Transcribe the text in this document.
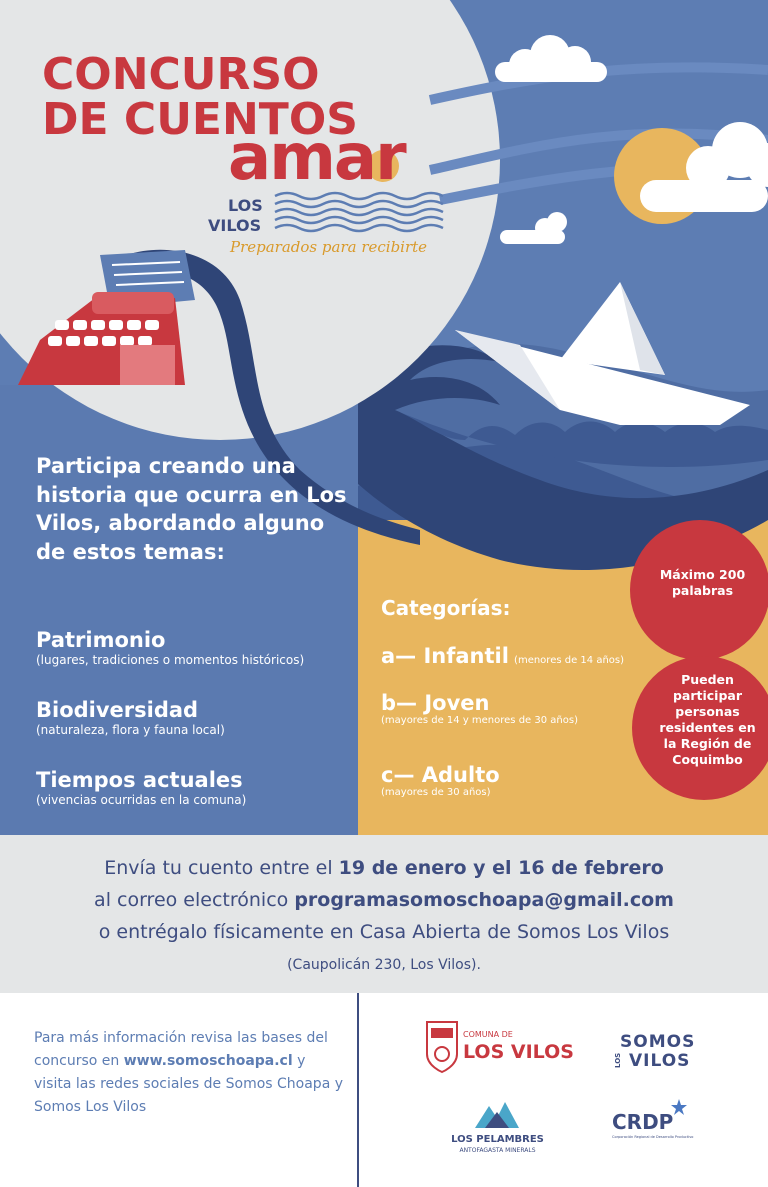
CONCURSO
DE CUENTOS
amar
LOS
VILOS
Preparados para recibirte
Participa creando una historia que ocurra en Los Vilos, abordando alguno de estos temas:
Patrimonio
(lugares, tradiciones o momentos históricos)
Biodiversidad
(naturaleza, flora y fauna local)
Tiempos actuales
(vivencias ocurridas en la comuna)
Categorías:
a— Infantil (menores de 14 años)
b— Joven
(mayores de 14 y menores de 30 años)
c— Adulto
(mayores de 30 años)
Máximo 200 palabras
Pueden participar personas residentes en la Región de Coquimbo
Envía tu cuento entre el 19 de enero y el 16 de febrero
al correo electrónico programasomoschoapa@gmail.com
o entrégalo físicamente en Casa Abierta de Somos Los Vilos
(Caupolicán 230, Los Vilos).
Para más información revisa las bases del concurso en www.somoschoapa.cl y visita las redes sociales de Somos Choapa y Somos Los Vilos
COMUNA DE
LOS VILOS	SOMOS
LOS VILOS
LOS PELAMBRES
ANTOFAGASTA MINERALS
CRDP
Corporación Regional de Desarrollo Productivo
